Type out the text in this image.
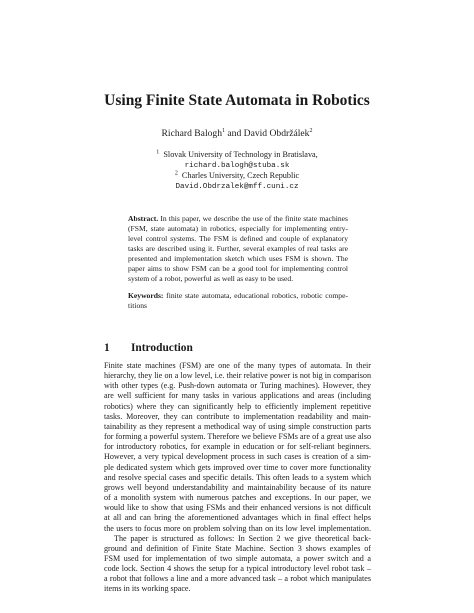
Using Finite State Automata in Robotics
Richard Balogh$^1$ and David Obdržálek$^2$
$^1$ Slovak University of Technology in Bratislava,
richard.balogh@stuba.sk
$^2$ Charles University, Czech Republic
David.Obdrzalek@mff.cuni.cz
Abstract. In this paper, we describe the use of the finite state machines
(FSM, state automata) in robotics, especially for implementing entry-
level control systems. The FSM is defined and couple of explanatory
tasks are described using it. Further, several examples of real tasks are
presented and implementation sketch which uses FSM is shown. The
paper aims to show FSM can be a good tool for implementing control
system of a robot, powerful as well as easy to be used.
Keywords: finite state automata, educational robotics, robotic compe-
titions
1 Introduction
Finite state machines (FSM) are one of the many types of automata. In their
hierarchy, they lie on a low level, i.e. their relative power is not big in comparison
with other types (e.g. Push-down automata or Turing machines). However, they
are well sufficient for many tasks in various applications and areas (including
robotics) where they can significantly help to efficiently implement repetitive
tasks. Moreover, they can contribute to implementation readability and main-
tainability as they represent a methodical way of using simple construction parts
for forming a powerful system. Therefore we believe FSMs are of a great use also
for introductory robotics, for example in education or for self-reliant beginners.
However, a very typical development process in such cases is creation of a sim-
ple dedicated system which gets improved over time to cover more functionality
and resolve special cases and specific details. This often leads to a system which
grows well beyond understandability and maintainability because of its nature
of a monolith system with numerous patches and exceptions. In our paper, we
would like to show that using FSMs and their enhanced versions is not difficult
at all and can bring the aforementioned advantages which in final effect helps
the users to focus more on problem solving than on its low level implementation.
The paper is structured as follows: In Section 2 we give theoretical back-
ground and definition of Finite State Machine. Section 3 shows examples of
FSM used for implementation of two simple automata, a power switch and a
code lock. Section 4 shows the setup for a typical introductory level robot task –
a robot that follows a line and a more advanced task – a robot which manipulates
items in its working space.
